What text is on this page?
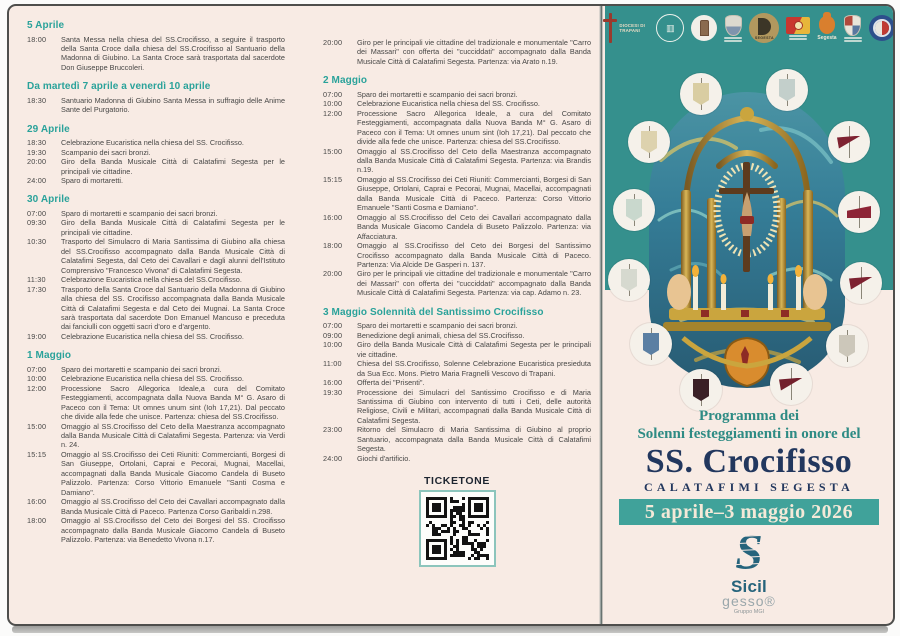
5 Aprile
18:00	Santa Messa nella chiesa del SS.Crocifisso, a seguire il trasporto della Santa Croce dalla chiesa del SS.Crocifisso al Santuario della Madonna di Giubino. La Santa Croce sarà trasportata dal sacerdote Don Giuseppe Bruccoleri.
Da martedì 7 aprile a venerdì 10 aprile
18:30	Santuario Madonna di Giubino Santa Messa in suffragio delle Anime Sante del Purgatorio.
29 Aprile
18:30	Celebrazione Eucaristica nella chiesa del SS. Crocifisso.
19:30	Scampanio dei sacri bronzi.
20:00	Giro della Banda Musicale Città di Calatafimi Segesta per le principali vie cittadine.
24:00	Sparo di mortaretti.
30 Aprile
07:00	Sparo di mortaretti e scampanio dei sacri bronzi.
09:30	Giro della Banda Musicale Città di Calatafimi Segesta per le principali vie cittadine.
10:30	Trasporto del Simulacro di Maria Santissima di Giubino alla chiesa del SS.Crocifisso accompagnato dalla Banda Musicale Città di Calatafimi Segesta, dal Ceto dei Cavallari e dagli alunni dell'Istituto Comprensivo "Francesco Vivona" di Calatafimi Segesta.
11:30	Celebrazione Eucaristica nella chiesa del SS.Crocifisso.
17:30	Trasporto della Santa Croce dal Santuario della Madonna di Giubino alla chiesa del SS. Crocifisso accompagnata dalla Banda Musicale Città di Calatafimi Segesta e dal Ceto dei Mugnai. La Santa Croce sarà trasportata dal sacerdote Don Emanuel Mancuso e preceduta dai fanciulli con oggetti sacri d'oro e d'argento.
19:00	Celebrazione Eucaristica nella chiesa del SS. Crocifisso.
1 Maggio
07:00	Sparo dei mortaretti e scampanio dei sacri bronzi.
10:00	Celebrazione Eucaristica nella chiesa del SS. Crocifisso.
12:00	Processione Sacro Allegorica Ideale,a cura del Comitato Festeggiamenti, accompagnata dalla Nuova Banda M° G. Asaro di Paceco con il Tema: Ut omnes unum sint (Ioh 17,21). Dal peccato che divide alla fede che unisce. Partenza: chiesa del SS.Crocifisso.
15:00	Omaggio al SS.Crocifisso del Ceto della Maestranza accompagnato dalla Banda Musicale Città di Calatafimi Segesta. Partenza: via Verdi n. 24.
15:15	Omaggio al SS.Crocifisso dei Ceti Riuniti: Commercianti, Borgesi di San Giuseppe, Ortolani, Caprai e Pecorai, Mugnai, Macellai, accompagnati dalla Banda Musicale Giacomo Candela di Buseto Palizzolo. Partenza: Corso Vittorio Emanuele "Santi Cosma e Damiano".
16:00	Omaggio al SS.Crocifisso del Ceto dei Cavallari accompagnato dalla Banda Musicale Città di Paceco. Partenza Corso Garibaldi n.298.
18:00	Omaggio al SS.Crocifisso del Ceto dei Borgesi del SS. Crocifisso accompagnato dalla Banda Musicale Giacomo Candela di Buseto Palizzolo. Partenza: via Benedetto Vivona n.17.
20:00	Giro per le principali vie cittadine del tradizionale e monumentale "Carro dei Massari" con offerta dei "cucciddati" accompagnato dalla Banda Musicale Città di Calatafimi Segesta. Partenza: via Arato n.19.
2 Maggio
07:00	Sparo dei mortaretti e scampanio dei sacri bronzi.
10:00	Celebrazione Eucaristica nella chiesa del SS. Crocifisso.
12:00	Processione Sacro Allegorica Ideale, a cura del Comitato Festeggiamenti, accompagnata dalla Nuova Banda M° G. Asaro di Paceco con il Tema: Ut omnes unum sint (Ioh 17,21). Dal peccato che divide alla fede che unisce. Partenza: chiesa del SS.Crocifisso.
15:00	Omaggio al SS.Crocifisso del Ceto della Maestranza accompagnato dalla Banda Musicale Città di Calatafimi Segesta. Partenza: via Brandis n.19.
15:15	Omaggio al SS.Crocifisso dei Ceti Riuniti: Commercianti, Borgesi di San Giuseppe, Ortolani, Caprai e Pecorai, Mugnai, Macellai, accompagnati dalla Banda Musicale Città di Paceco. Partenza: Corso Vittorio Emanuele "Santi Cosma e Damiano".
16:00	Omaggio al SS.Crocifisso del Ceto dei Cavallari accompagnato dalla Banda Musicale Giacomo Candela di Buseto Palizzolo. Partenza: via Affacciatura.
18:00	Omaggio al SS.Crocifisso del Ceto dei Borgesi del Santissimo Crocifisso accompagnato dalla Banda Musicale Città di Paceco. Partenza: Via Alcide De Gasperi n. 137.
20:00	Giro per le principali vie cittadine del tradizionale e monumentale "Carro dei Massari" con offerta dei "cucciddati" accompagnato dalla Banda Musicale Città di Calatafimi Segesta. Partenza: via cap. Adamo n. 23.
3 Maggio Solennità del Santissimo Crocifisso
07:00	Sparo dei mortaretti e scampanio dei sacri bronzi.
09:00	Benedizione degli animali, chiesa del SS.Crocifisso.
10:00	Giro della Banda Musicale Città di Calatafimi Segesta per le principali vie cittadine.
11:00	Chiesa del SS.Crocifisso, Solenne Celebrazione Eucaristica presieduta da Sua Ecc. Mons. Pietro Maria Fragnelli Vescovo di Trapani.
16:00	Offerta dei "Prisenti".
19:30	Processione dei Simulacri del Santissimo Crocifisso e di Maria Santissima di Giubino con intervento di tutti i Ceti, delle autorità Religiose, Civili e Militari, accompagnati dalla Banda Musicale Città di Calatafimi Segesta.
23:00	Ritorno del Simulacro di Maria Santissima di Giubino al proprio Santuario, accompagnata dalla Banda Musicale Città di Calatafimi Segesta.
24:00	Giochi d'artificio.
TICKETONE
DIOCESI DI TRAPANI	▥
SEGESTA	Segesta
Programma dei
Solenni festeggiamenti in onore del
SS. Crocifisso
CALATAFIMI SEGESTA
5 aprile–3 maggio 2026
Sicil
gesso®
Gruppo MGI
